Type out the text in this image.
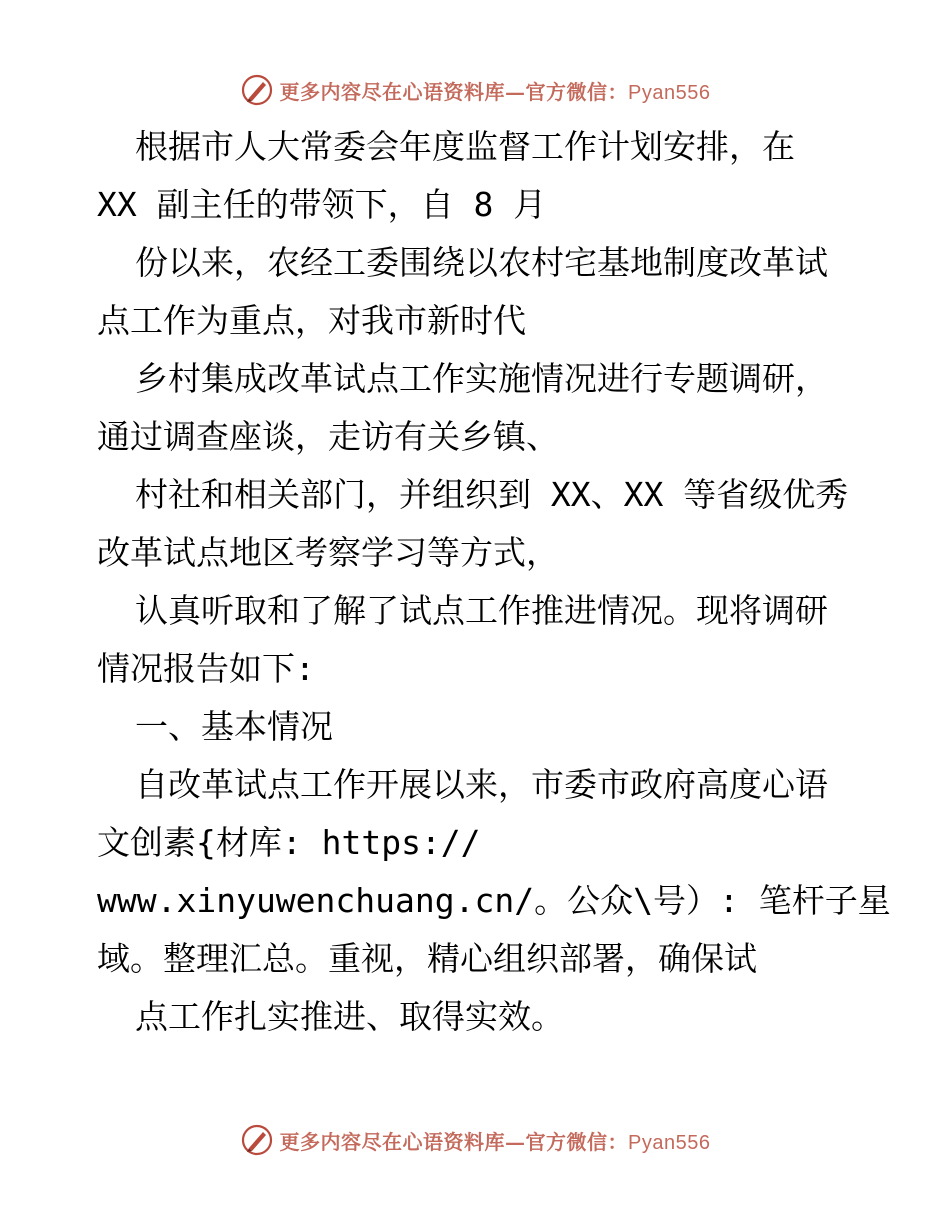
更多内容尽在心语资料库—官方微信：Pyan556
根据市人大常委会年度监督工作计划安排，在
XX 副主任的带领下，自 8 月
份以来，农经工委围绕以农村宅基地制度改革试
点工作为重点，对我市新时代
乡村集成改革试点工作实施情况进行专题调研，
通过调查座谈，走访有关乡镇、
村社和相关部门，并组织到 XX、XX 等省级优秀
改革试点地区考察学习等方式，
认真听取和了解了试点工作推进情况。现将调研
情况报告如下:
一、基本情况
自改革试点工作开展以来，市委市政府高度心语
文创素{材库: https://
www.xinyuwenchuang.cn/。公众\号）: 笔杆子星
域。整理汇总。重视，精心组织部署，确保试
点工作扎实推进、取得实效。
更多内容尽在心语资料库—官方微信：Pyan556
